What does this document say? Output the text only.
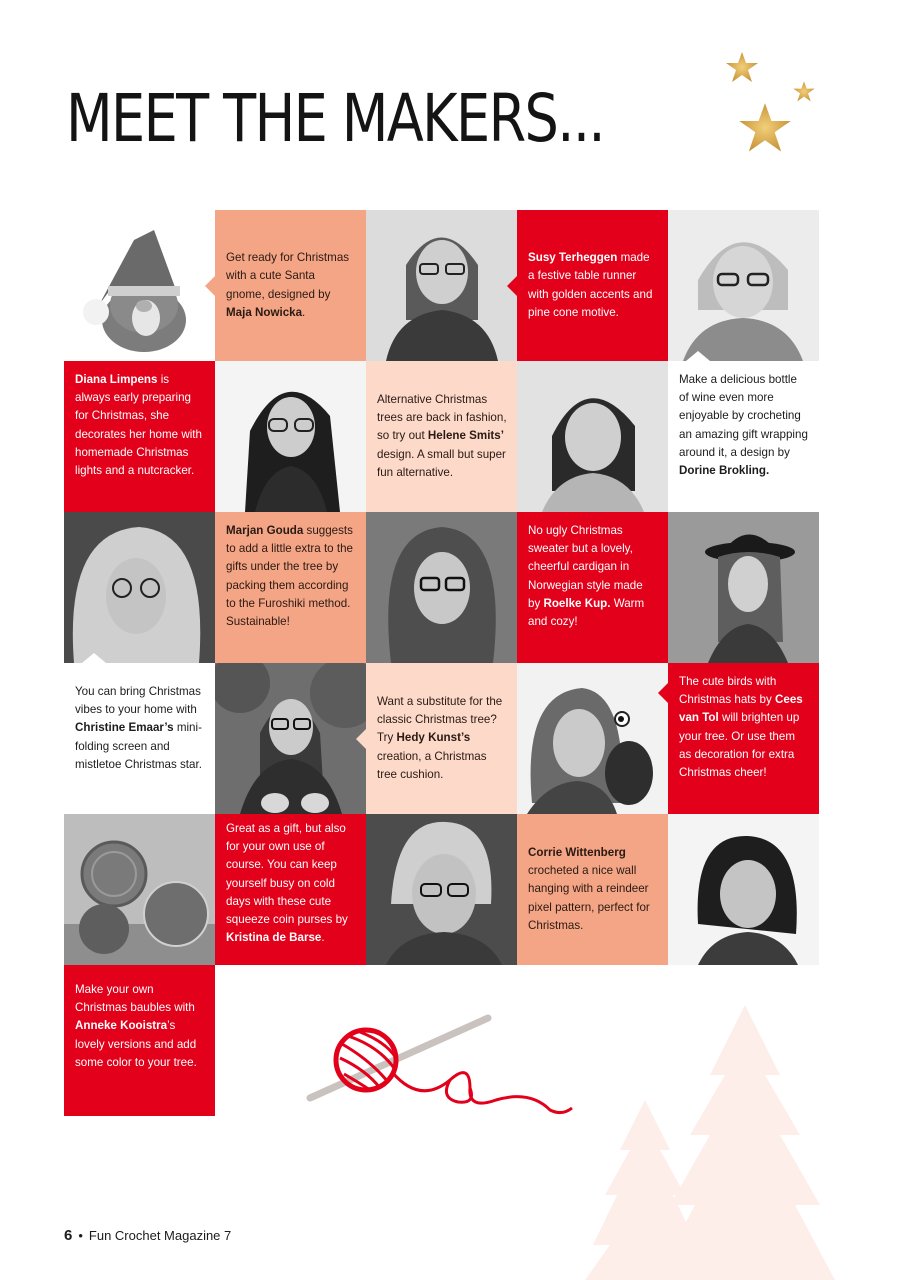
MEET THE MAKERS...
Get ready for Christmas with a cute Santa gnome, designed by Maja Nowicka.
Susy Terheggen made a festive table runner with golden accents and pine cone motive.
Diana Limpens is always early preparing for Christmas, she decorates her home with homemade Christmas lights and a nutcracker.
Alternative Christmas trees are back in fashion, so try out Helene Smits’ design. A small but super fun alternative.
Make a delicious bottle of wine even more enjoyable by crocheting an amazing gift wrapping around it, a design by Dorine Brokling.
Marjan Gouda suggests to add a little extra to the gifts under the tree by packing them according to the Furoshiki method. Sustainable!
No ugly Christmas sweater but a lovely, cheerful cardigan in Norwegian style made by Roelke Kup. Warm and cozy!
You can bring Christmas vibes to your home with Christine Emaar’s mini-folding screen and mistletoe Christmas star.
Want a substitute for the classic Christmas tree? Try Hedy Kunst’s creation, a Christmas tree cushion.
The cute birds with Christmas hats by Cees van Tol will brighten up your tree. Or use them as decoration for extra Christmas cheer!
Great as a gift, but also for your own use of course. You can keep yourself busy on cold days with these cute squeeze coin purses by Kristina de Barse.
Corrie Wittenberg crocheted a nice wall hanging with a reindeer pixel pattern, perfect for Christmas.
Make your own Christmas baubles with Anneke Kooistra’s lovely versions and add some color to your tree.
6 • Fun Crochet Magazine 7
